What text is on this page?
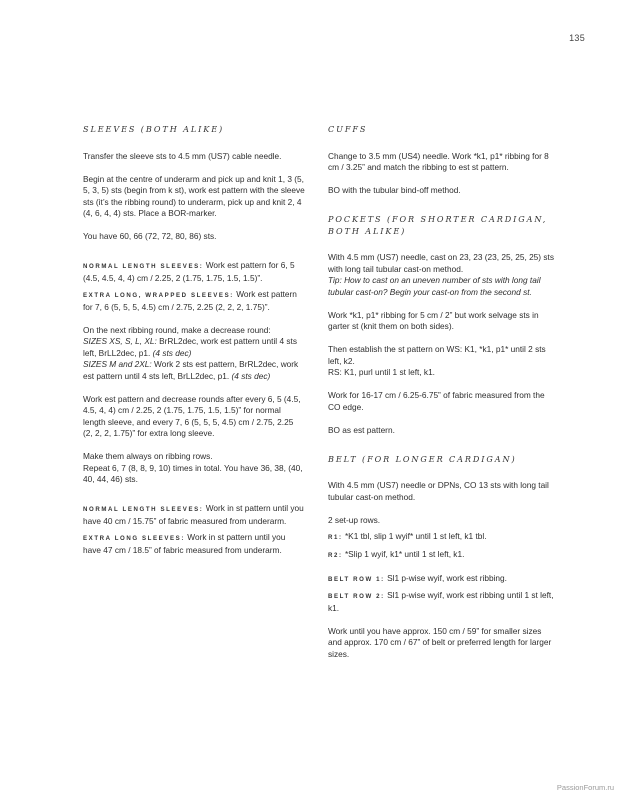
135
SLEEVES (BOTH ALIKE)
Transfer the sleeve sts to 4.5 mm (US7) cable needle.
Begin at the centre of underarm and pick up and knit 1, 3 (5, 5, 3, 5) sts (begin from k st), work est pattern with the sleeve sts (it’s the ribbing round) to underarm, pick up and knit 2, 4 (4, 6, 4, 4) sts. Place a BOR-marker.
You have 60, 66 (72, 72, 80, 86) sts.
NORMAL LENGTH SLEEVES: Work est pattern for 6, 5 (4.5, 4.5, 4, 4) cm / 2.25, 2 (1.75, 1.75, 1.5, 1.5)”.
EXTRA LONG, WRAPPED SLEEVES: Work est pattern for 7, 6 (5, 5, 5, 4.5) cm / 2.75, 2.25 (2, 2, 2, 1.75)”.
On the next ribbing round, make a decrease round:
SIZES XS, S, L, XL: BrRL2dec, work est pattern until 4 sts left, BrLL2dec, p1. (4 sts dec)
SIZES M and 2XL: Work 2 sts est pattern, BrRL2dec, work est pattern until 4 sts left, BrLL2dec, p1. (4 sts dec)
Work est pattern and decrease rounds after every 6, 5 (4.5, 4.5, 4, 4) cm / 2.25, 2 (1.75, 1.75, 1.5, 1.5)” for normal length sleeve, and every 7, 6 (5, 5, 5, 4.5) cm / 2.75, 2.25 (2, 2, 2, 1.75)” for extra long sleeve.
Make them always on ribbing rows.
Repeat 6, 7 (8, 8, 9, 10) times in total. You have 36, 38, (40, 40, 44, 46) sts.
NORMAL LENGTH SLEEVES: Work in st pattern until you have 40 cm / 15.75” of fabric measured from underarm.
EXTRA LONG SLEEVES: Work in st pattern until you have 47 cm / 18.5” of fabric measured from underarm.
CUFFS
Change to 3.5 mm (US4) needle. Work *k1, p1* ribbing for 8 cm / 3.25” and match the ribbing to est st pattern.
BO with the tubular bind-off method.
POCKETS (FOR SHORTER CARDIGAN, BOTH ALIKE)
With 4.5 mm (US7) needle, cast on 23, 23 (23, 25, 25, 25) sts with long tail tubular cast-on method.
Tip: How to cast on an uneven number of sts with long tail tubular cast-on? Begin your cast-on from the second st.
Work *k1, p1* ribbing for 5 cm / 2” but work selvage sts in garter st (knit them on both sides).
Then establish the st pattern on WS: K1, *k1, p1* until 2 sts left, k2.
RS: K1, purl until 1 st left, k1.
Work for 16-17 cm / 6.25-6.75” of fabric measured from the CO edge.
BO as est pattern.
BELT (FOR LONGER CARDIGAN)
With 4.5 mm (US7) needle or DPNs, CO 13 sts with long tail tubular cast-on method.
2 set-up rows.
R1: *K1 tbl, slip 1 wyif* until 1 st left, k1 tbl.
R2: *Slip 1 wyif, k1* until 1 st left, k1.
BELT ROW 1: Sl1 p-wise wyif, work est ribbing.
BELT ROW 2: Sl1 p-wise wyif, work est ribbing until 1 st left, k1.
Work until you have approx. 150 cm / 59” for smaller sizes and approx. 170 cm / 67” of belt or preferred length for larger sizes.
PassionForum.ru
